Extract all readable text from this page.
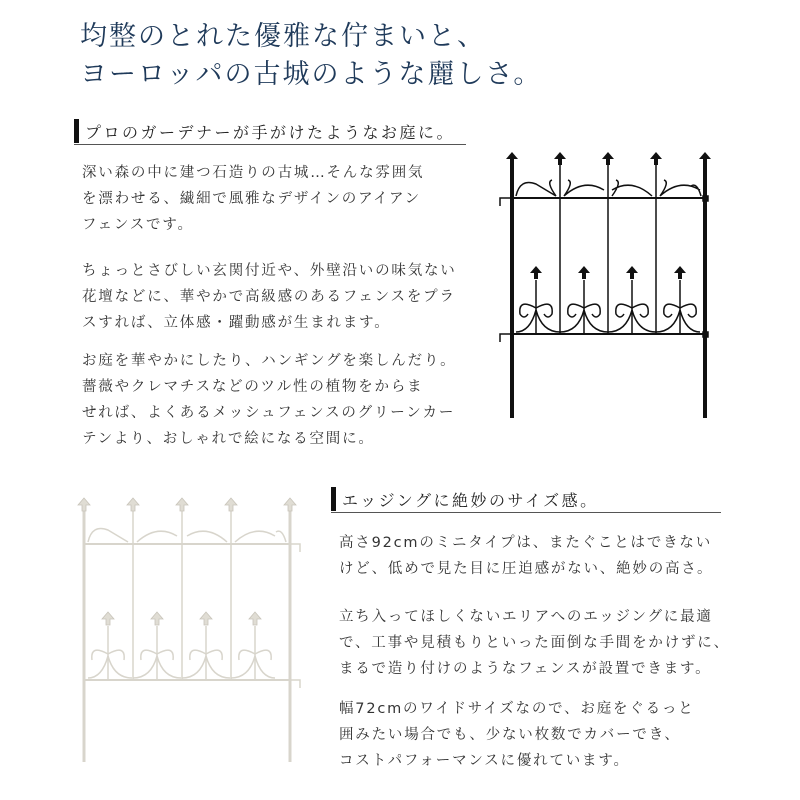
均整のとれた優雅な佇まいと、
ヨーロッパの古城のような麗しさ。
プロのガーデナーが手がけたようなお庭に。

深い森の中に建つ石造りの古城…そんな雰囲気
を漂わせる、繊細で風雅なデザインのアイアン
フェンスです。

ちょっとさびしい玄関付近や、外壁沿いの味気ない
花壇などに、華やかで高級感のあるフェンスをプラ
スすれば、立体感・躍動感が生まれます。

お庭を華やかにしたり、ハンギングを楽しんだり。
薔薇やクレマチスなどのツル性の植物をからま
せれば、よくあるメッシュフェンスのグリーンカー
テンより、おしゃれで絵になる空間に。

エッジングに絶妙のサイズ感。

高さ92cmのミニタイプは、またぐことはできない
けど、低めで見た目に圧迫感がない、絶妙の高さ。

立ち入ってほしくないエリアへのエッジングに最適
で、工事や見積もりといった面倒な手間をかけずに、
まるで造り付けのようなフェンスが設置できます。

幅72cmのワイドサイズなので、お庭をぐるっと
囲みたい場合でも、少ない枚数でカバーでき、
コストパフォーマンスに優れています。
